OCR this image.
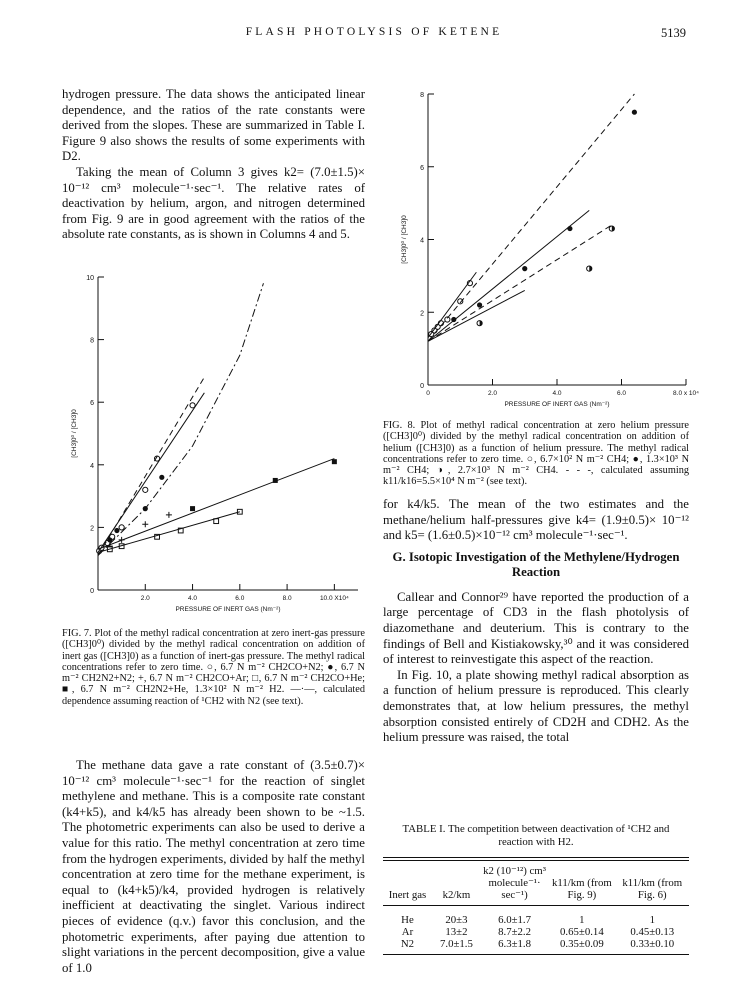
FLASH PHOTOLYSIS OF KETENE	5139

hydrogen pressure. The data shows the anticipated linear dependence, and the ratios of the rate constants were derived from the slopes. These are summarized in Table I. Figure 9 also shows the results of some experiments with D2.

Taking the mean of Column 3 gives k2= (7.0±1.5)× 10⁻¹² cm³ molecule⁻¹·sec⁻¹. The relative rates of deactivation by helium, argon, and nitrogen determined from Fig. 9 are in good agreement with the ratios of the absolute rate constants, as is shown in Columns 4 and 5.

0
2
4
6
8
10
2.0	4.0	6.0	8.0	10.0 X10⁴
PRESSURE OF INERT GAS (Nm⁻²)
[CH3]0⁰ / [CH3]0
FIG. 7. Plot of the methyl radical concentration at zero inert-gas pressure ([CH3]0⁰) divided by the methyl radical concentration on addition of inert gas ([CH3]0) as a function of inert-gas pressure. The methyl radical concentrations refer to zero time. ○, 6.7 N m⁻² CH2CO+N2; ●, 6.7 N m⁻² CH2N2+N2; +, 6.7 N m⁻² CH2CO+Ar; □, 6.7 N m⁻² CH2CO+He; ■, 6.7 N m⁻² CH2N2+He, 1.3×10² N m⁻² H2. —·—, calculated dependence assuming reaction of ¹CH2 with N2 (see text).

The methane data gave a rate constant of (3.5±0.7)× 10⁻¹² cm³ molecule⁻¹·sec⁻¹ for the reaction of singlet methylene and methane. This is a composite rate constant (k4+k5), and k4/k5 has already been shown to be ~1.5. The photometric experiments can also be used to derive a value for this ratio. The methyl concentration at zero time from the hydrogen experiments, divided by half the methyl concentration at zero time for the methane experiment, is equal to (k4+k5)/k4, provided hydrogen is relatively inefficient at deactivating the singlet. Various indirect pieces of evidence (q.v.) favor this conclusion, and the photometric experiments, after paying due attention to slight variations in the percent decomposition, give a value of 1.0

0
2
4
6
8
0	2.0	4.0	6.0	8.0 x 10⁴
PRESSURE OF INERT GAS (Nm⁻²)
[CH3]0⁰ / [CH3]0
FIG. 8. Plot of methyl radical concentration at zero helium pressure ([CH3]0⁰) divided by the methyl radical concentration on addition of helium ([CH3]0) as a function of helium pressure. The methyl radical concentrations refer to zero time. ○, 6.7×10² N m⁻² CH4; ●, 1.3×10³ N m⁻² CH4; ◑, 2.7×10³ N m⁻² CH4. - - -, calculated assuming k11/k16=5.5×10⁴ N m⁻² (see text).

for k4/k5. The mean of the two estimates and the methane/helium half-pressures give k4= (1.9±0.5)× 10⁻¹² and k5= (1.6±0.5)×10⁻¹² cm³ molecule⁻¹·sec⁻¹.

G. Isotopic Investigation of the Methylene/Hydrogen Reaction

Callear and Connor²⁹ have reported the production of a large percentage of CD3 in the flash photolysis of diazomethane and deuterium. This is contrary to the findings of Bell and Kistiakowsky,³⁰ and it was considered of interest to reinvestigate this aspect of the reaction.

In Fig. 10, a plate showing methyl radical absorption as a function of helium pressure is reproduced. This clearly demonstrates that, at low helium pressures, the methyl absorption consisted entirely of CD2H and CDH2. As the helium pressure was raised, the total

TABLE I. The competition between deactivation of ¹CH2 and reaction with H2.
Inert gas	k2/km	k2 (10⁻¹²) cm³ molecule⁻¹· sec⁻¹)	k11/km (from Fig. 9)	k11/km (from Fig. 6)
He	20±3	6.0±1.7	1	1
Ar	13±2	8.7±2.2	0.65±0.14	0.45±0.13
N2	7.0±1.5	6.3±1.8	0.35±0.09	0.33±0.10
